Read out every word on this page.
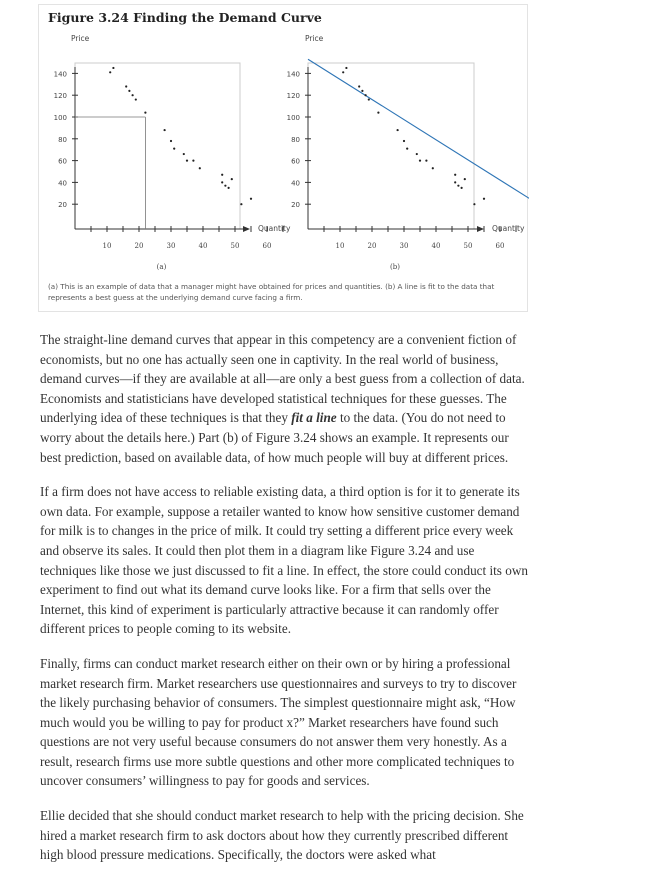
Figure 3.24 Finding the Demand Curve

Price
Quantity
20
40
60
80
100
120
140
10	20	30	40	50	60
(a)
Price
Quantity
20
40
60
80
100
120
140
10	20	30	40	50	60
(b)

(a) This is an example of data that a manager might have obtained for prices and quantities. (b) A line is fit to the data that represents a best guess at the underlying demand curve facing a firm.

The straight-line demand curves that appear in this competency are a convenient fiction of economists, but no one has actually seen one in captivity. In the real world of business, demand curves—if they are available at all—are only a best guess from a collection of data. Economists and statisticians have developed statistical techniques for these guesses. The underlying idea of these techniques is that they fit a line to the data. (You do not need to worry about the details here.) Part (b) of Figure 3.24 shows an example. It represents our best prediction, based on available data, of how much people will buy at different prices.

If a firm does not have access to reliable existing data, a third option is for it to generate its own data. For example, suppose a retailer wanted to know how sensitive customer demand for milk is to changes in the price of milk. It could try setting a different price every week and observe its sales. It could then plot them in a diagram like Figure 3.24 and use techniques like those we just discussed to fit a line. In effect, the store could conduct its own experiment to find out what its demand curve looks like. For a firm that sells over the Internet, this kind of experiment is particularly attractive because it can randomly offer different prices to people coming to its website.

Finally, firms can conduct market research either on their own or by hiring a professional market research firm. Market researchers use questionnaires and surveys to try to discover the likely purchasing behavior of consumers. The simplest questionnaire might ask, “How much would you be willing to pay for product x?” Market researchers have found such questions are not very useful because consumers do not answer them very honestly. As a result, research firms use more subtle questions and other more complicated techniques to uncover consumers’ willingness to pay for goods and services.

Ellie decided that she should conduct market research to help with the pricing decision. She hired a market research firm to ask doctors about how they currently prescribed different high blood pressure medications. Specifically, the doctors were asked what
